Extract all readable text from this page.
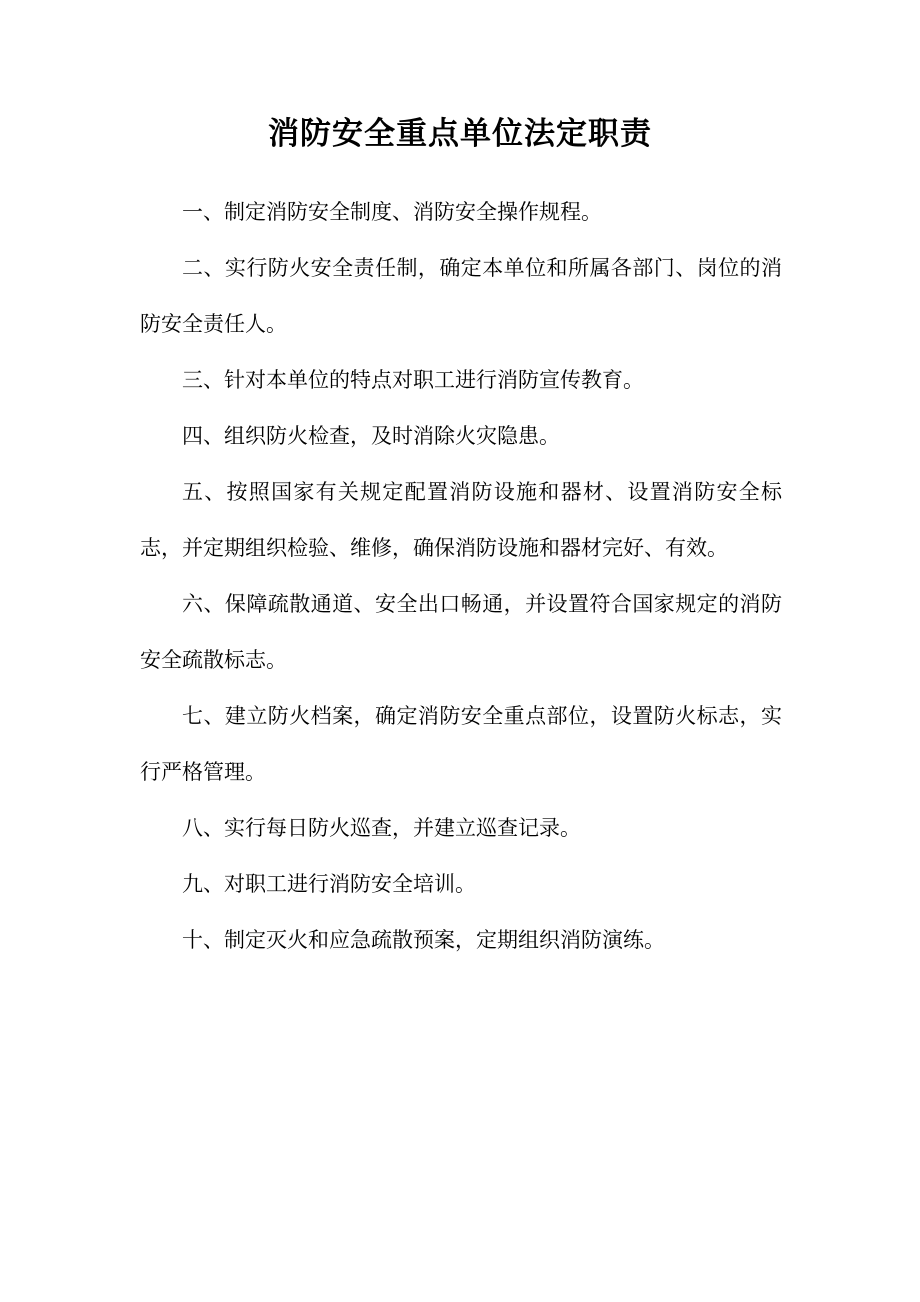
消防安全重点单位法定职责

一、制定消防安全制度、消防安全操作规程。

二、实行防火安全责任制，确定本单位和所属各部门、岗位的消防安全责任人。

三、针对本单位的特点对职工进行消防宣传教育。

四、组织防火检查，及时消除火灾隐患。

五、按照国家有关规定配置消防设施和器材、设置消防安全标志，并定期组织检验、维修，确保消防设施和器材完好、有效。

六、保障疏散通道、安全出口畅通，并设置符合国家规定的消防安全疏散标志。

七、建立防火档案，确定消防安全重点部位，设置防火标志，实行严格管理。

八、实行每日防火巡查，并建立巡查记录。

九、对职工进行消防安全培训。

十、制定灭火和应急疏散预案，定期组织消防演练。
